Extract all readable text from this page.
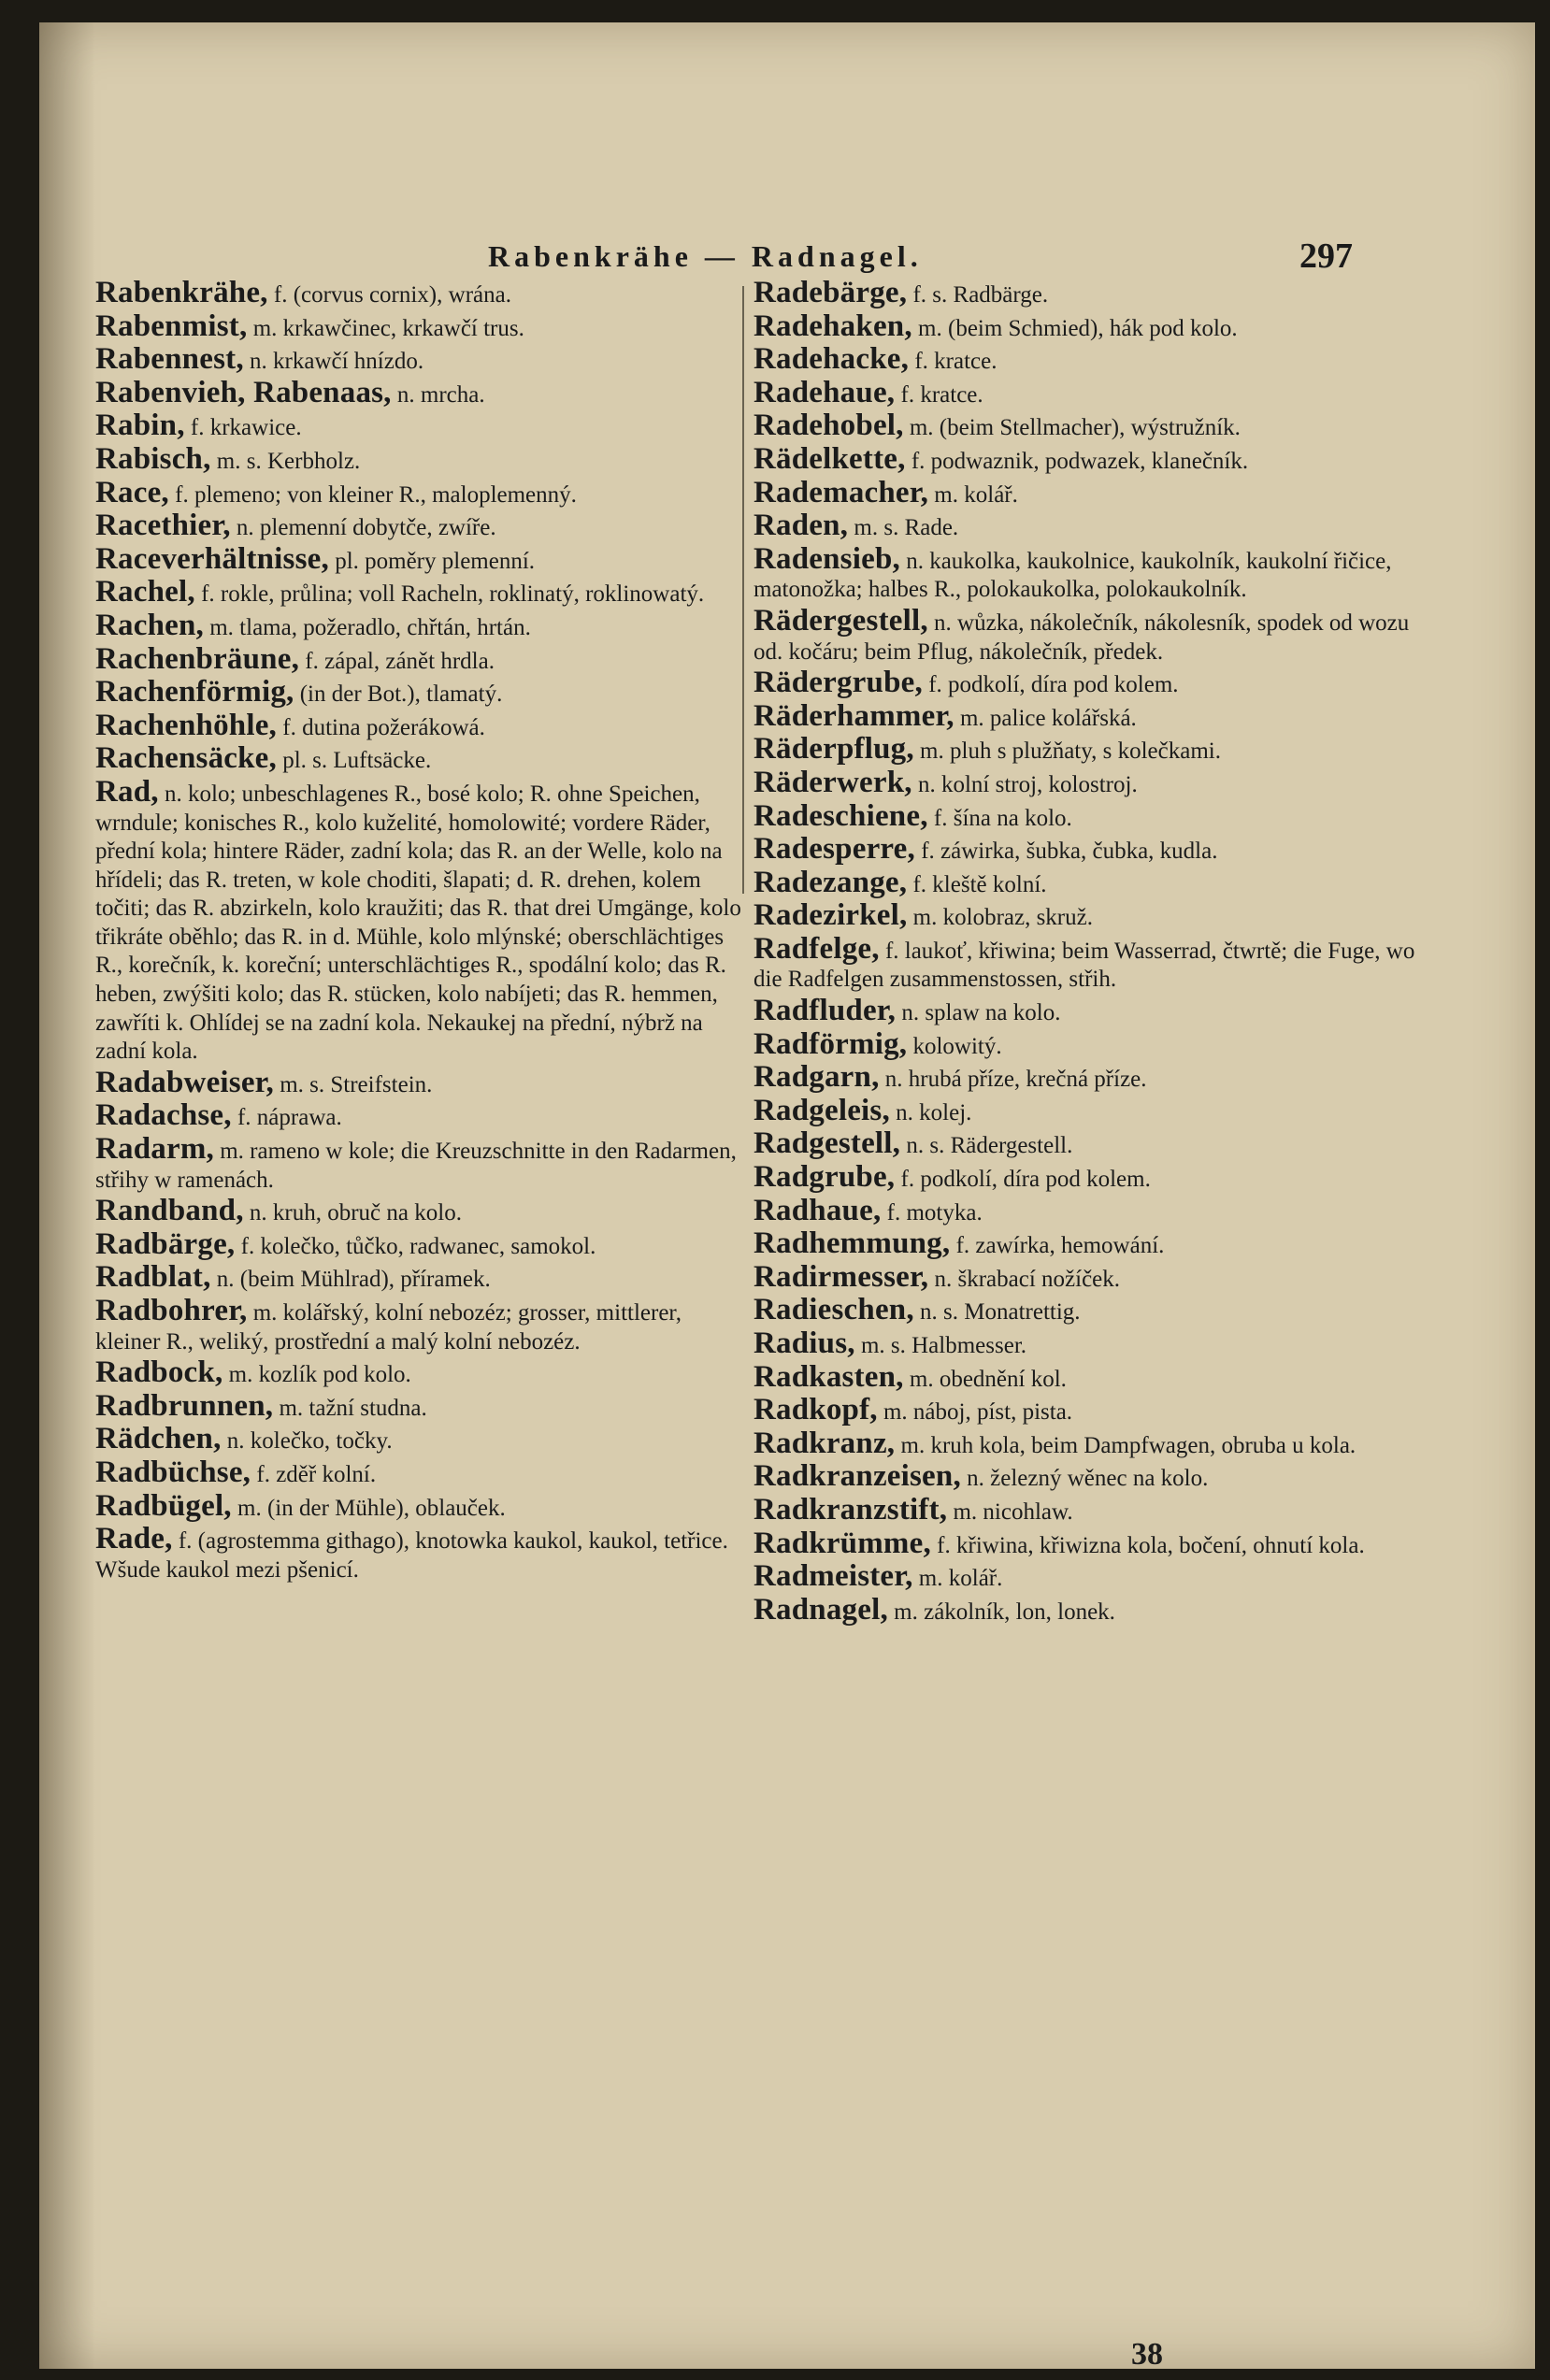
Rabenkrähe — Radnagel.	297
Rabenkrähe, f. (corvus cornix), wrána.
Rabenmist, m. krkawčinec, krkawčí trus.
Rabennest, n. krkawčí hnízdo.
Rabenvieh, Rabenaas, n. mrcha.
Rabin, f. krkawice.
Rabisch, m. s. Kerbholz.
Race, f. plemeno; von kleiner R., maloplemenný.
Racethier, n. plemenní dobytče, zwíře.
Raceverhältnisse, pl. poměry plemenní.
Rachel, f. rokle, průlina; voll Racheln, roklinatý, roklinowatý.
Rachen, m. tlama, požeradlo, chřtán, hrtán.
Rachenbräune, f. zápal, zánět hrdla.
Rachenförmig, (in der Bot.), tlamatý.
Rachenhöhle, f. dutina požerákowá.
Rachensäcke, pl. s. Luftsäcke.
Rad, n. kolo; unbeschlagenes R., bosé kolo; R. ohne Speichen, wrndule; konisches R., kolo kuželité, homolowité; vordere Räder, přední kola; hintere Räder, zadní kola; das R. an der Welle, kolo na hřídeli; das R. treten, w kole choditi, šlapati; d. R. drehen, kolem točiti; das R. abzirkeln, kolo kraužiti; das R. that drei Umgänge, kolo třikráte oběhlo; das R. in d. Mühle, kolo mlýnské; oberschlächtiges R., korečník, k. koreční; unterschlächtiges R., spodální kolo; das R. heben, zwýšiti kolo; das R. stücken, kolo nabíjeti; das R. hemmen, zawříti k. Ohlídej se na zadní kola. Nekaukej na přední, nýbrž na zadní kola.
Radabweiser, m. s. Streifstein.
Radachse, f. náprawa.
Radarm, m. rameno w kole; die Kreuzschnitte in den Radarmen, střihy w ramenách.
Randband, n. kruh, obruč na kolo.
Radbärge, f. kolečko, tůčko, radwanec, samokol.
Radblat, n. (beim Mühlrad), příramek.
Radbohrer, m. kolářský, kolní nebozéz; grosser, mittlerer, kleiner R., weliký, prostřední a malý kolní nebozéz.
Radbock, m. kozlík pod kolo.
Radbrunnen, m. tažní studna.
Rädchen, n. kolečko, točky.
Radbüchse, f. zděř kolní.
Radbügel, m. (in der Mühle), oblauček.
Rade, f. (agrostemma githago), knotowka kaukol, kaukol, tetřice. Wšude kaukol mezi pšenicí.
Radebärge, f. s. Radbärge.
Radehaken, m. (beim Schmied), hák pod kolo.
Radehacke, f. kratce.
Radehaue, f. kratce.
Radehobel, m. (beim Stellmacher), wýstružník.
Rädelkette, f. podwaznik, podwazek, klanečník.
Rademacher, m. kolář.
Raden, m. s. Rade.
Radensieb, n. kaukolka, kaukolnice, kaukolník, kaukolní řičice, matonožka; halbes R., polokaukolka, polokaukolník.
Rädergestell, n. wůzka, nákolečník, nákolesník, spodek od wozu od. kočáru; beim Pflug, nákolečník, předek.
Rädergrube, f. podkolí, díra pod kolem.
Räderhammer, m. palice kolářská.
Räderpflug, m. pluh s plužňaty, s kolečkami.
Räderwerk, n. kolní stroj, kolostroj.
Radeschiene, f. šína na kolo.
Radesperre, f. záwirka, šubka, čubka, kudla.
Radezange, f. kleště kolní.
Radezirkel, m. kolobraz, skruž.
Radfelge, f. laukoť, křiwina; beim Wasserrad, čtwrtě; die Fuge, wo die Radfelgen zusammenstossen, střih.
Radfluder, n. splaw na kolo.
Radförmig, kolowitý.
Radgarn, n. hrubá příze, krečná příze.
Radgeleis, n. kolej.
Radgestell, n. s. Rädergestell.
Radgrube, f. podkolí, díra pod kolem.
Radhaue, f. motyka.
Radhemmung, f. zawírka, hemowání.
Radirmesser, n. škrabací nožíček.
Radieschen, n. s. Monatrettig.
Radius, m. s. Halbmesser.
Radkasten, m. obednění kol.
Radkopf, m. náboj, píst, pista.
Radkranz, m. kruh kola, beim Dampfwagen, obruba u kola.
Radkranzeisen, n. železný wěnec na kolo.
Radkranzstift, m. nicohlaw.
Radkrümme, f. křiwina, křiwizna kola, bočení, ohnutí kola.
Radmeister, m. kolář.
Radnagel, m. zákolník, lon, lonek.
38
